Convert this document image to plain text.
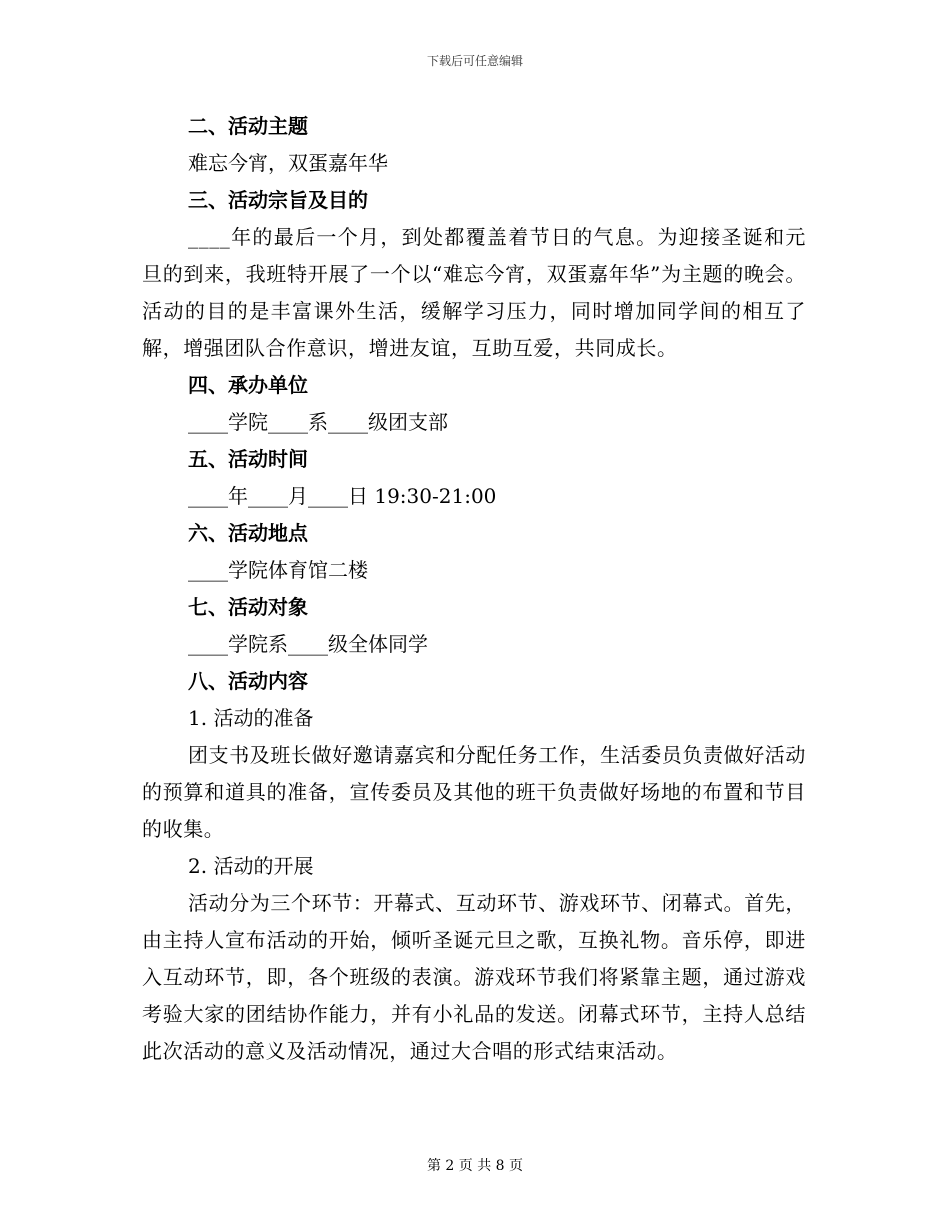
下载后可任意编辑

二、活动主题

难忘今宵，双蛋嘉年华

三、活动宗旨及目的

____年的最后一个月，到处都覆盖着节日的气息。为迎接圣诞和元旦的到来，我班特开展了一个以“难忘今宵，双蛋嘉年华”为主题的晚会。活动的目的是丰富课外生活，缓解学习压力，同时增加同学间的相互了解，增强团队合作意识，增进友谊，互助互爱，共同成长。

四、承办单位

____学院____系____级团支部

五、活动时间

____年____月____日 19:30-21:00

六、活动地点

____学院体育馆二楼

七、活动对象

____学院系____级全体同学

八、活动内容

1. 活动的准备

团支书及班长做好邀请嘉宾和分配任务工作，生活委员负责做好活动的预算和道具的准备，宣传委员及其他的班干负责做好场地的布置和节目的收集。

2. 活动的开展

活动分为三个环节：开幕式、互动环节、游戏环节、闭幕式。首先，由主持人宣布活动的开始，倾听圣诞元旦之歌，互换礼物。音乐停，即进入互动环节，即，各个班级的表演。游戏环节我们将紧靠主题，通过游戏考验大家的团结协作能力，并有小礼品的发送。闭幕式环节，主持人总结此次活动的意义及活动情况，通过大合唱的形式结束活动。

第 2 页 共 8 页
